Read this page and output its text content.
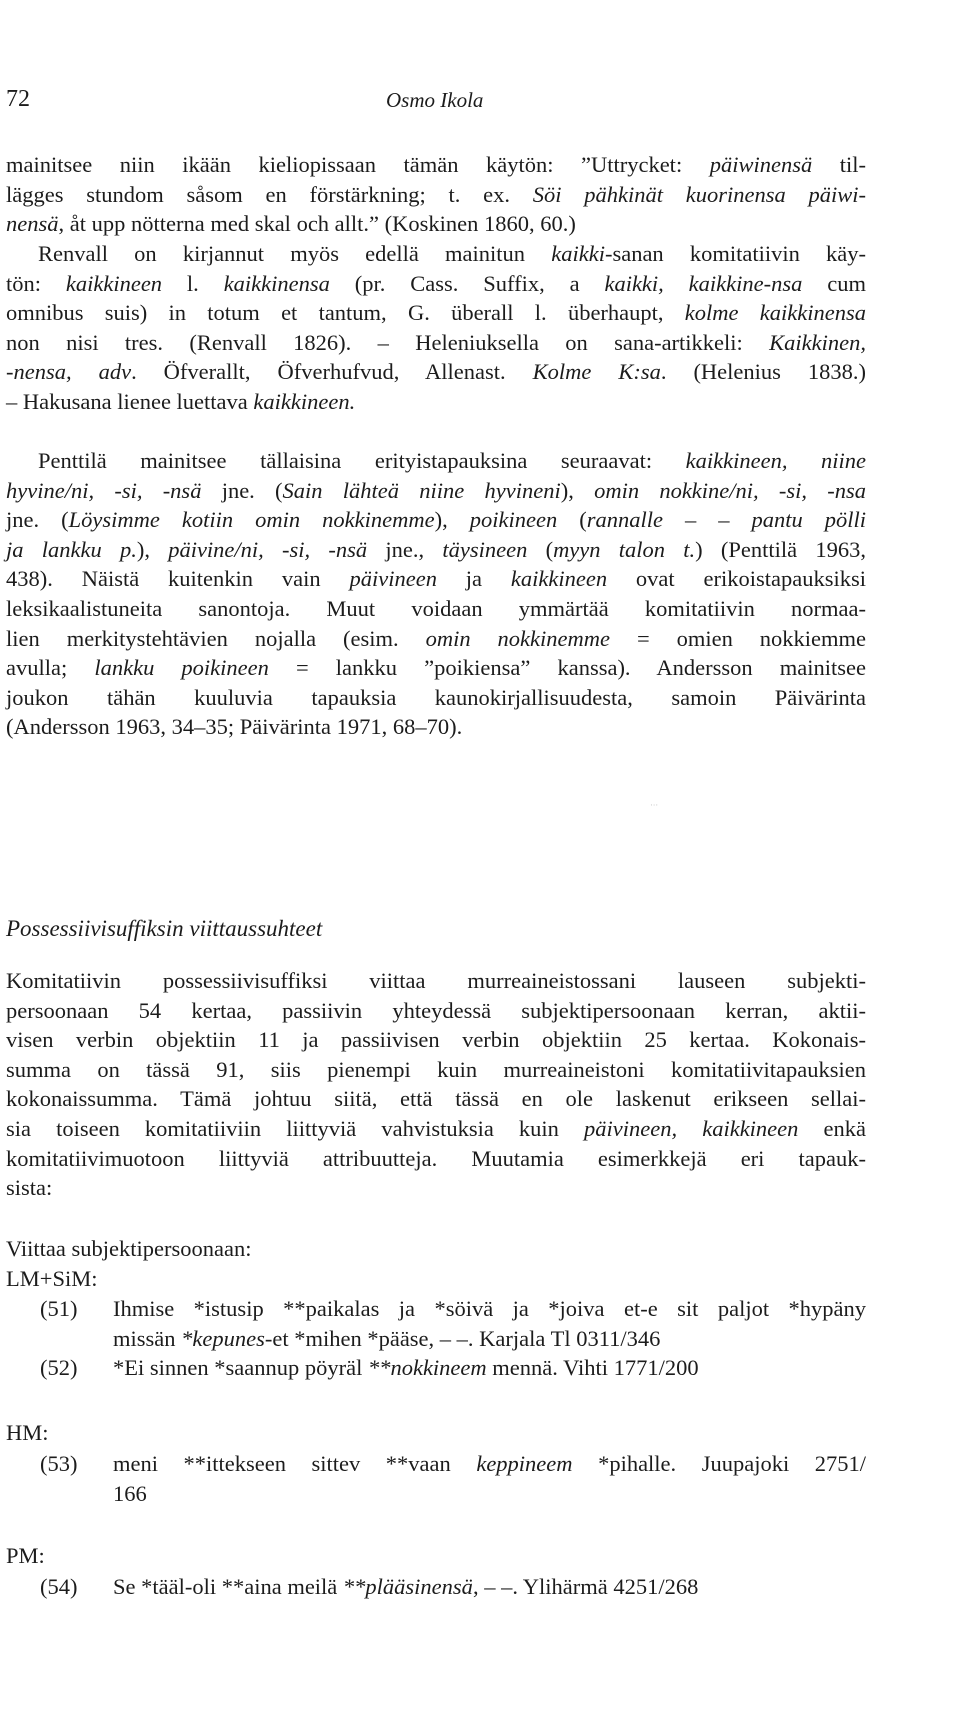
72	Osmo Ikola

mainitsee niin ikään kieliopissaan tämän käytön: ”Uttrycket: päiwinensä til-
lägges stundom såsom en förstärkning; t. ex. Söi pähkinät kuorinensa päiwi-
nensä, åt upp nötterna med skal och allt.” (Koskinen 1860, 60.)

Renvall on kirjannut myös edellä mainitun kaikki-sanan komitatiivin käy-
tön: kaikkineen l. kaikkinensa (pr. Cass. Suffix, a kaikki, kaikkine-nsa cum
omnibus suis) in totum et tantum, G. überall l. überhaupt, kolme kaikkinensa
non nisi tres. (Renvall 1826). – Heleniuksella on sana-artikkeli: Kaikkinen,
-nensa, adv. Öfverallt, Öfverhufvud, Allenast. Kolme K:sa. (Helenius 1838.)
– Hakusana lienee luettava kaikkineen.

Penttilä mainitsee tällaisina erityistapauksina seuraavat: kaikkineen, niine
hyvine/ni, -si, -nsä jne. (Sain lähteä niine hyvineni), omin nokkine/ni, -si, -nsa
jne. (Löysimme kotiin omin nokkinemme), poikineen (rannalle – – pantu pölli
ja lankku p.), päivine/ni, -si, -nsä jne., täysineen (myyn talon t.) (Penttilä 1963,
438). Näistä kuitenkin vain päivineen ja kaikkineen ovat erikoistapauksiksi
leksikaalistuneita sanontoja. Muut voidaan ymmärtää komitatiivin normaa-
lien merkitystehtävien nojalla (esim. omin nokkinemme = omien nokkiemme
avulla; lankku poikineen = lankku ”poikiensa” kanssa). Andersson mainitsee
joukon tähän kuuluvia tapauksia kaunokirjallisuudesta, samoin Päivärinta
(Andersson 1963, 34–35; Päivärinta 1971, 68–70).

Possessiivisuffiksin viittaussuhteet

Komitatiivin possessiivisuffiksi viittaa murreaineistossani lauseen subjekti-
persoonaan 54 kertaa, passiivin yhteydessä subjektipersoonaan kerran, aktii-
visen verbin objektiin 11 ja passiivisen verbin objektiin 25 kertaa. Kokonais-
summa on tässä 91, siis pienempi kuin murreaineistoni komitatiivitapauksien
kokonaissumma. Tämä johtuu siitä, että tässä en ole laskenut erikseen sellai-
sia toiseen komitatiiviin liittyviä vahvistuksia kuin päivineen, kaikkineen enkä
komitatiivimuotoon liittyviä attribuutteja. Muutamia esimerkkejä eri tapauk-
sista:

Viittaa subjektipersoonaan:
LM+SiM:
(51) Ihmise *istusip **paikalas ja *söivä ja *joiva et-e sit paljot *hypäny
missän *kepunes-et *mihen *pääse, – –. Karjala Tl 0311/346
(52) *Ei sinnen *saannup pöyräl **nokkineem mennä. Vihti 1771/200
HM:
(53) meni **ittekseen sittev **vaan keppineem *pihalle. Juupajoki 2751/
166
PM:
(54) Se *tääl-oli **aina meilä **plääsinensä, – –. Ylihärmä 4251/268
·∙·
